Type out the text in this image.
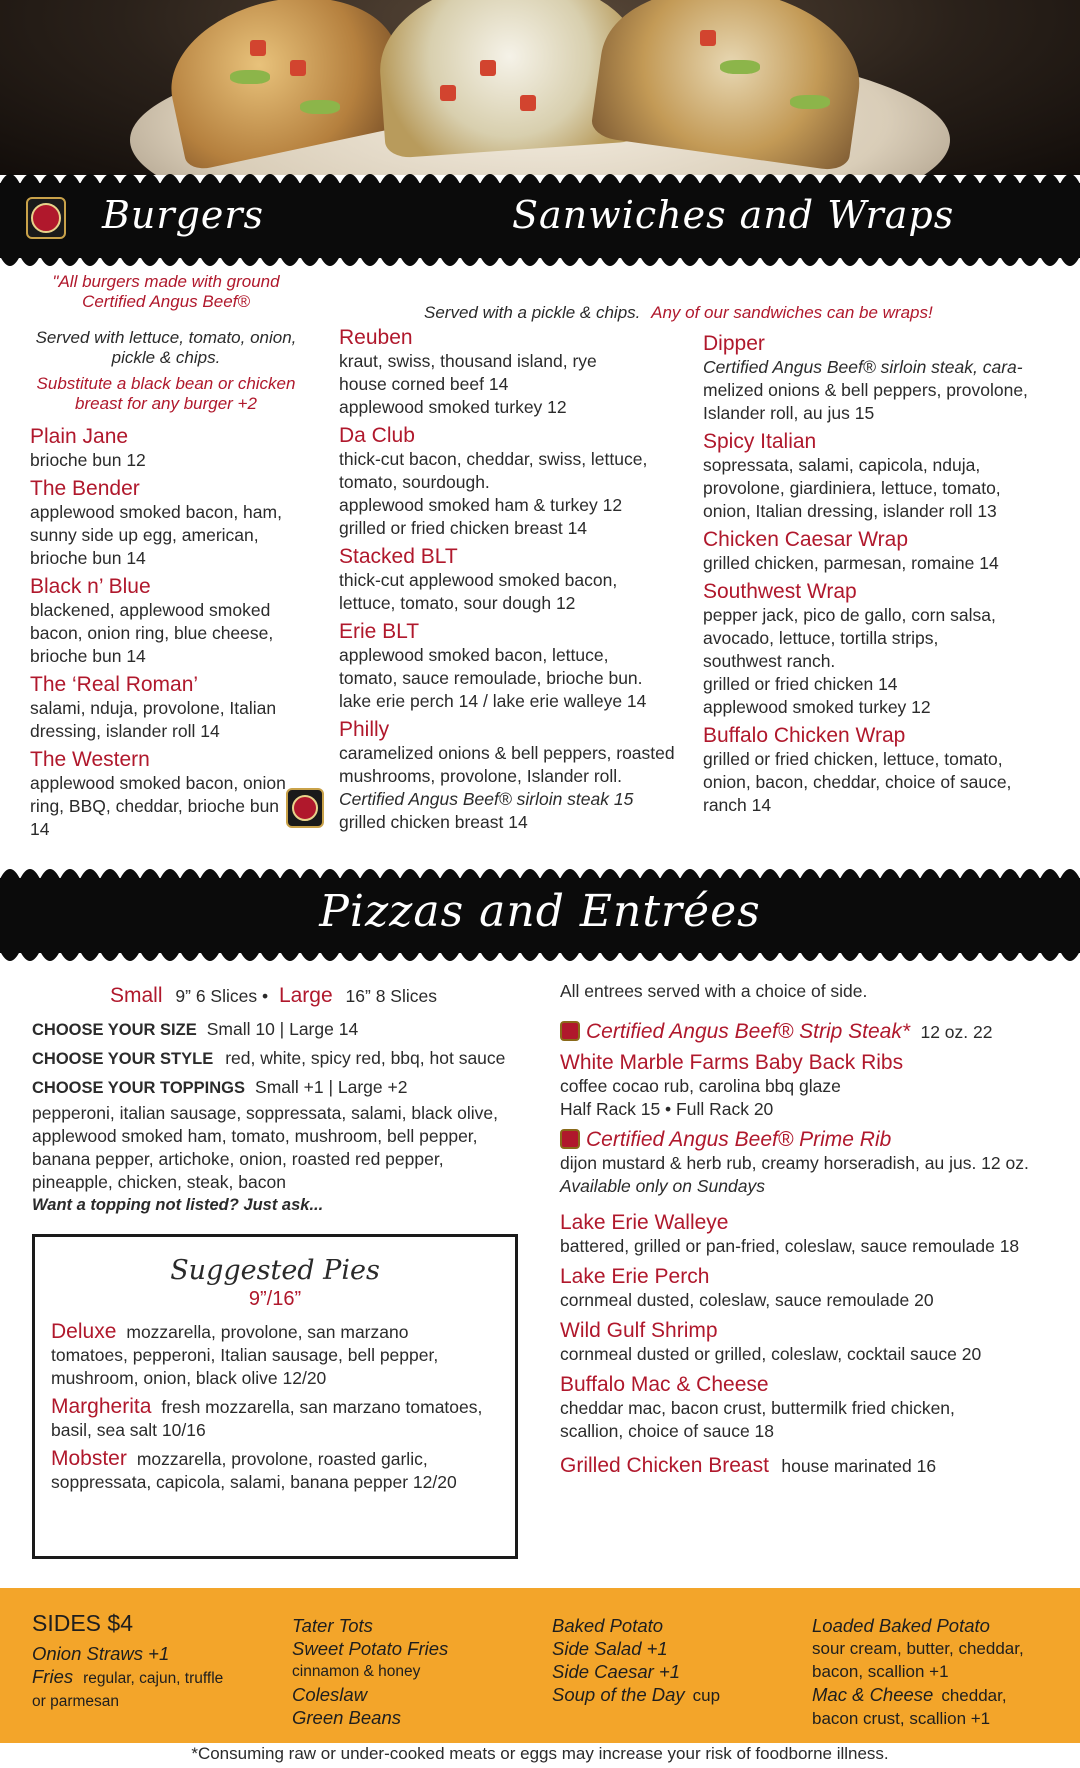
Burgers	Sanwiches and Wraps
"All burgers made with ground Certified Angus Beef®
Served with lettuce, tomato, onion, pickle & chips.
Substitute a black bean or chicken breast for any burger +2
Plain Jane
brioche bun 12
The Bender
applewood smoked bacon, ham, sunny side up egg, american, brioche bun 14
Black n’ Blue
blackened, applewood smoked bacon, onion ring, blue cheese, brioche bun 14
The ‘Real Roman’
salami, nduja, provolone, Italian dressing, islander roll 14
The Western
applewood smoked bacon, onion ring, BBQ, cheddar, brioche bun 14
Served with a pickle & chips. Any of our sandwiches can be wraps!
Reuben
kraut, swiss, thousand island, rye
house corned beef 14
applewood smoked turkey 12
Da Club
thick-cut bacon, cheddar, swiss, lettuce,
tomato, sourdough.
applewood smoked ham & turkey 12
grilled or fried chicken breast 14
Stacked BLT
thick-cut applewood smoked bacon,
lettuce, tomato, sour dough 12
Erie BLT
applewood smoked bacon, lettuce,
tomato, sauce remoulade, brioche bun.
lake erie perch 14 / lake erie walleye 14
Philly
caramelized onions & bell peppers, roasted
mushrooms, provolone, Islander roll.
Certified Angus Beef® sirloin steak 15
grilled chicken breast 14
Dipper
Certified Angus Beef® sirloin steak, cara-
melized onions & bell peppers, provolone,
Islander roll, au jus 15
Spicy Italian
sopressata, salami, capicola, nduja,
provolone, giardiniera, lettuce, tomato,
onion, Italian dressing, islander roll 13
Chicken Caesar Wrap
grilled chicken, parmesan, romaine 14
Southwest Wrap
pepper jack, pico de gallo, corn salsa,
avocado, lettuce, tortilla strips,
southwest ranch.
grilled or fried chicken 14
applewood smoked turkey 12
Buffalo Chicken Wrap
grilled or fried chicken, lettuce, tomato,
onion, bacon, cheddar, choice of sauce,
ranch 14
Pizzas and Entrées
Small 9” 6 Slices • Large 16” 8 Slices
CHOOSE YOUR SIZE Small 10 | Large 14
CHOOSE YOUR STYLE red, white, spicy red, bbq, hot sauce
CHOOSE YOUR TOPPINGS Small +1 | Large +2
pepperoni, italian sausage, soppressata, salami, black olive,
applewood smoked ham, tomato, mushroom, bell pepper,
banana pepper, artichoke, onion, roasted red pepper,
pineapple, chicken, steak, bacon
Want a topping not listed? Just ask...
Suggested Pies
9”/16”
Deluxe mozzarella, provolone, san marzano
tomatoes, pepperoni, Italian sausage, bell pepper,
mushroom, onion, black olive 12/20
Margherita fresh mozzarella, san marzano tomatoes,
basil, sea salt 10/16
Mobster mozzarella, provolone, roasted garlic,
soppressata, capicola, salami, banana pepper 12/20
All entrees served with a choice of side.
Certified Angus Beef® Strip Steak* 12 oz. 22
White Marble Farms Baby Back Ribs
coffee cocao rub, carolina bbq glaze
Half Rack 15 • Full Rack 20
Certified Angus Beef® Prime Rib
dijon mustard & herb rub, creamy horseradish, au jus. 12 oz.
Available only on Sundays
Lake Erie Walleye
battered, grilled or pan-fried, coleslaw, sauce remoulade 18
Lake Erie Perch
cornmeal dusted, coleslaw, sauce remoulade 20
Wild Gulf Shrimp
cornmeal dusted or grilled, coleslaw, cocktail sauce 20
Buffalo Mac & Cheese
cheddar mac, bacon crust, buttermilk fried chicken,
scallion, choice of sauce 18
Grilled Chicken Breast house marinated 16
SIDES $4
Onion Straws +1
Fries regular, cajun, truffle
or parmesan
Tater Tots
Sweet Potato Fries
cinnamon & honey
Coleslaw
Green Beans
Baked Potato
Side Salad +1
Side Caesar +1
Soup of the Day cup
Loaded Baked Potato
sour cream, butter, cheddar,
bacon, scallion +1
Mac & Cheese cheddar,
bacon crust, scallion +1
*Consuming raw or under-cooked meats or eggs may increase your risk of foodborne illness.
